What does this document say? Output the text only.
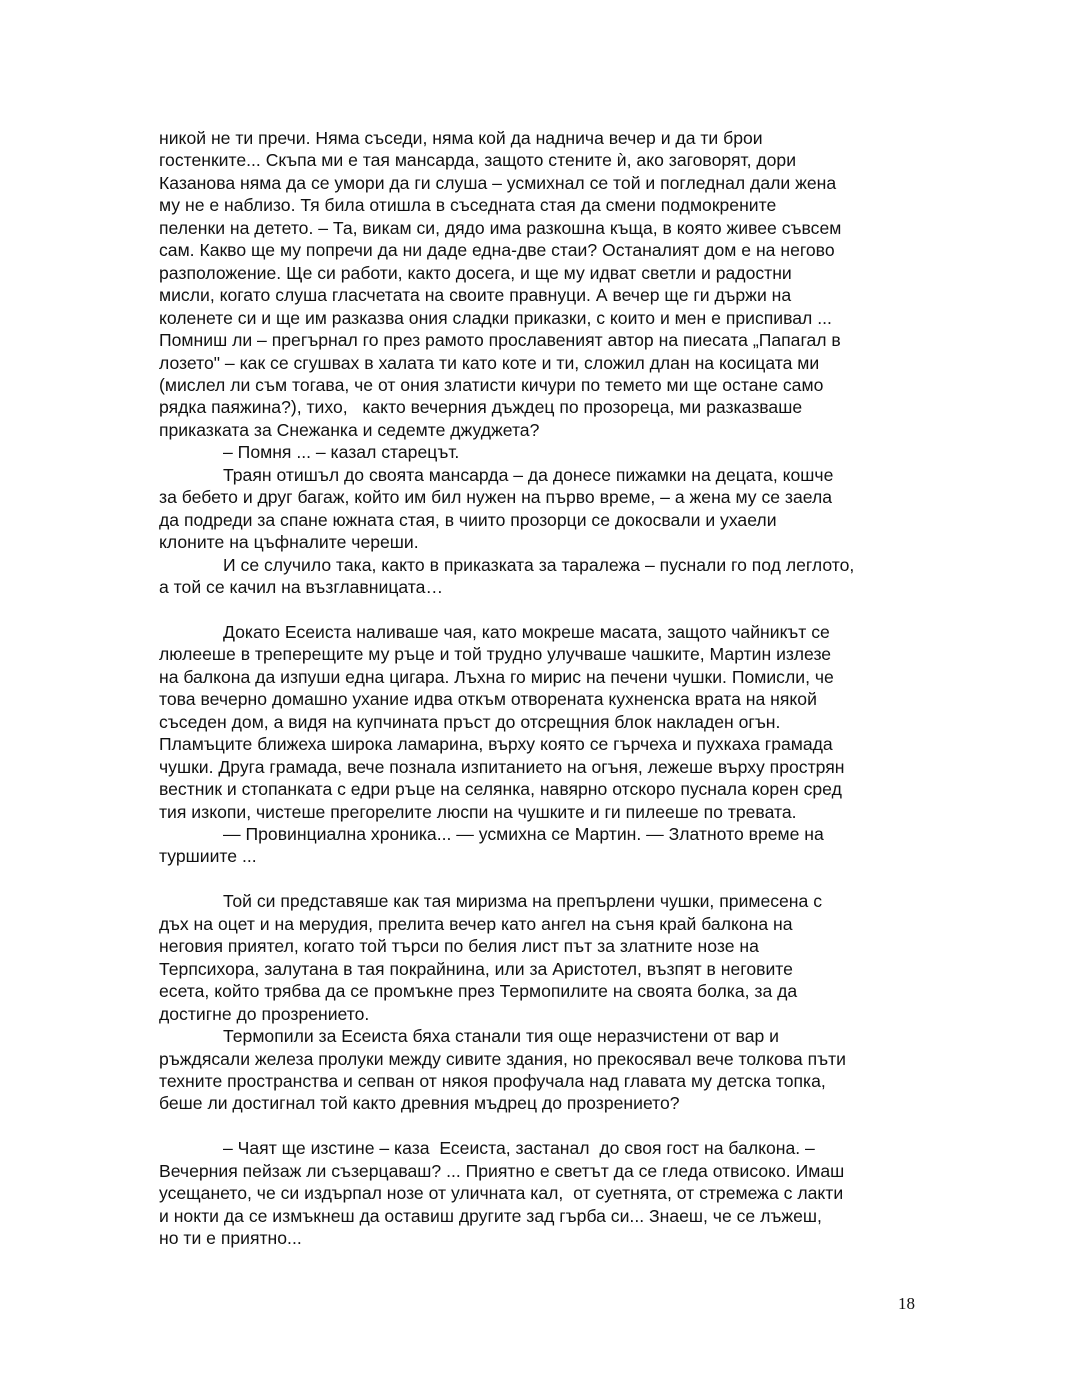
никой не ти пречи. Няма съседи, няма кой да наднича вечер и да ти брои
гостенките... Скъпа ми е тая мансарда, защото стените ѝ, ако заговорят, дори
Казанова няма да се умори да ги слуша – усмихнал се той и погледнал дали жена
му не е наблизо. Тя била отишла в съседната стая да смени подмокрените
пеленки на детето. – Та, викам си, дядо има разкошна къща, в която живее съвсем
сам. Какво ще му попречи да ни даде една-две стаи? Останалият дом е на негово
разположение. Ще си работи, както досега, и ще му идват светли и радостни
мисли, когато слуша гласчетата на своите правнуци. А вечер ще ги държи на
коленете си и ще им разказва ония сладки приказки, с които и мен е приспивал ...
Помниш ли – прегърнал го през рамото прославеният автор на пиесата „Папагал в
лозето" – как се сгушвах в халата ти като коте и ти, сложил длан на косицата ми
(мислел ли съм тогава, че от ония златисти кичури по темето ми ще остане само
рядка паяжина?), тихо,   както вечерния дъждец по прозореца, ми разказваше
приказката за Снежанка и седемте джуджета?
– Помня ... – казал старецът.
Траян отишъл до своята мансарда – да донесе пижамки на децата, кошче
за бебето и друг багаж, който им бил нужен на първо време, – а жена му се заела
да подреди за спане южната стая, в чиито прозорци се докосвали и ухаели
клоните на цъфналите череши.
И се случило така, както в приказката за таралежа – пуснали го под леглото,
а той се качил на възглавницата…
Докато Есеиста наливаше чая, като мокреше масата, защото чайникът се
люлееше в треперещите му ръце и той трудно улучваше чашките, Мартин излезе
на балкона да изпуши една цигара. Лъхна го мирис на печени чушки. Помисли, че
това вечерно домашно ухание идва откъм отворената кухненска врата на някой
съседен дом, а видя на купчината пръст до отсрещния блок накладен огън.
Пламъците ближеха широка ламарина, върху която се гърчеха и пухкаха грамада
чушки. Друга грамада, вече познала изпитанието на огъня, лежеше върху прострян
вестник и стопанката с едри ръце на селянка, навярно отскоро пуснала корен сред
тия изкопи, чистеше прегорелите люспи на чушките и ги пилееше по тревата.
— Провинциална хроника... — усмихна се Мартин. — Златното време на
туршиите ...
Той си представяше как тая миризма на препърлени чушки, примесена с
дъх на оцет и на мерудия, прелита вечер като ангел на съня край балкона на
неговия приятел, когато той търси по белия лист път за златните нозе на
Терпсихора, залутана в тая покрайнина, или за Аристотел, възпят в неговите
есета, който трябва да се промъкне през Термопилите на своята болка, за да
достигне до прозрението.
Термопили за Есеиста бяха станали тия още неразчистени от вар и
ръждясали железа пролуки между сивите здания, но прекосявал вече толкова пъти
техните пространства и сепван от някоя профучала над главата му детска топка,
беше ли достигнал той както древния мъдрец до прозрението?
– Чаят ще изстине – каза  Есеиста, застанал  до своя гост на балкона. –
Вечерния пейзаж ли съзерцаваш? ... Приятно е светът да се гледа отвисоко. Имаш
усещането, че си издърпал нозе от уличната кал,  от суетнята, от стремежа с лакти
и нокти да се измъкнеш да оставиш другите зад гърба си... Знаеш, че се лъжеш,
но ти е приятно...
18
